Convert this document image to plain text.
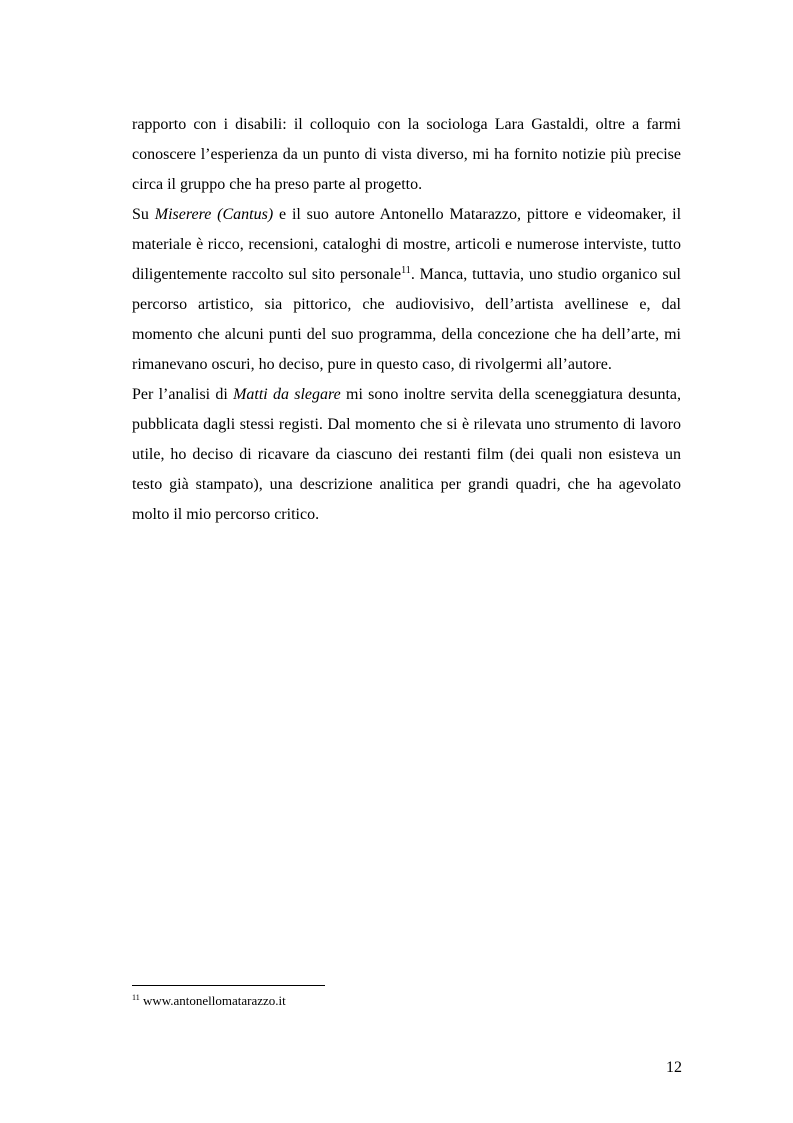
rapporto con i disabili: il colloquio con la sociologa Lara Gastaldi, oltre a farmi conoscere l’esperienza da un punto di vista diverso, mi ha fornito notizie più precise circa il gruppo che ha preso parte al progetto.

Su Miserere (Cantus) e il suo autore Antonello Matarazzo, pittore e videomaker, il materiale è ricco, recensioni, cataloghi di mostre, articoli e numerose interviste, tutto diligentemente raccolto sul sito personale$^{11}$. Manca, tuttavia, uno studio organico sul percorso artistico, sia pittorico, che audiovisivo, dell’artista avellinese e, dal momento che alcuni punti del suo programma, della concezione che ha dell’arte, mi rimanevano oscuri, ho deciso, pure in questo caso, di rivolgermi all’autore.

Per l’analisi di Matti da slegare mi sono inoltre servita della sceneggiatura desunta, pubblicata dagli stessi registi. Dal momento che si è rilevata uno strumento di lavoro utile, ho deciso di ricavare da ciascuno dei restanti film (dei quali non esisteva un testo già stampato), una descrizione analitica per grandi quadri, che ha agevolato molto il mio percorso critico.

$^{11}$ www.antonellomatarazzo.it
12
